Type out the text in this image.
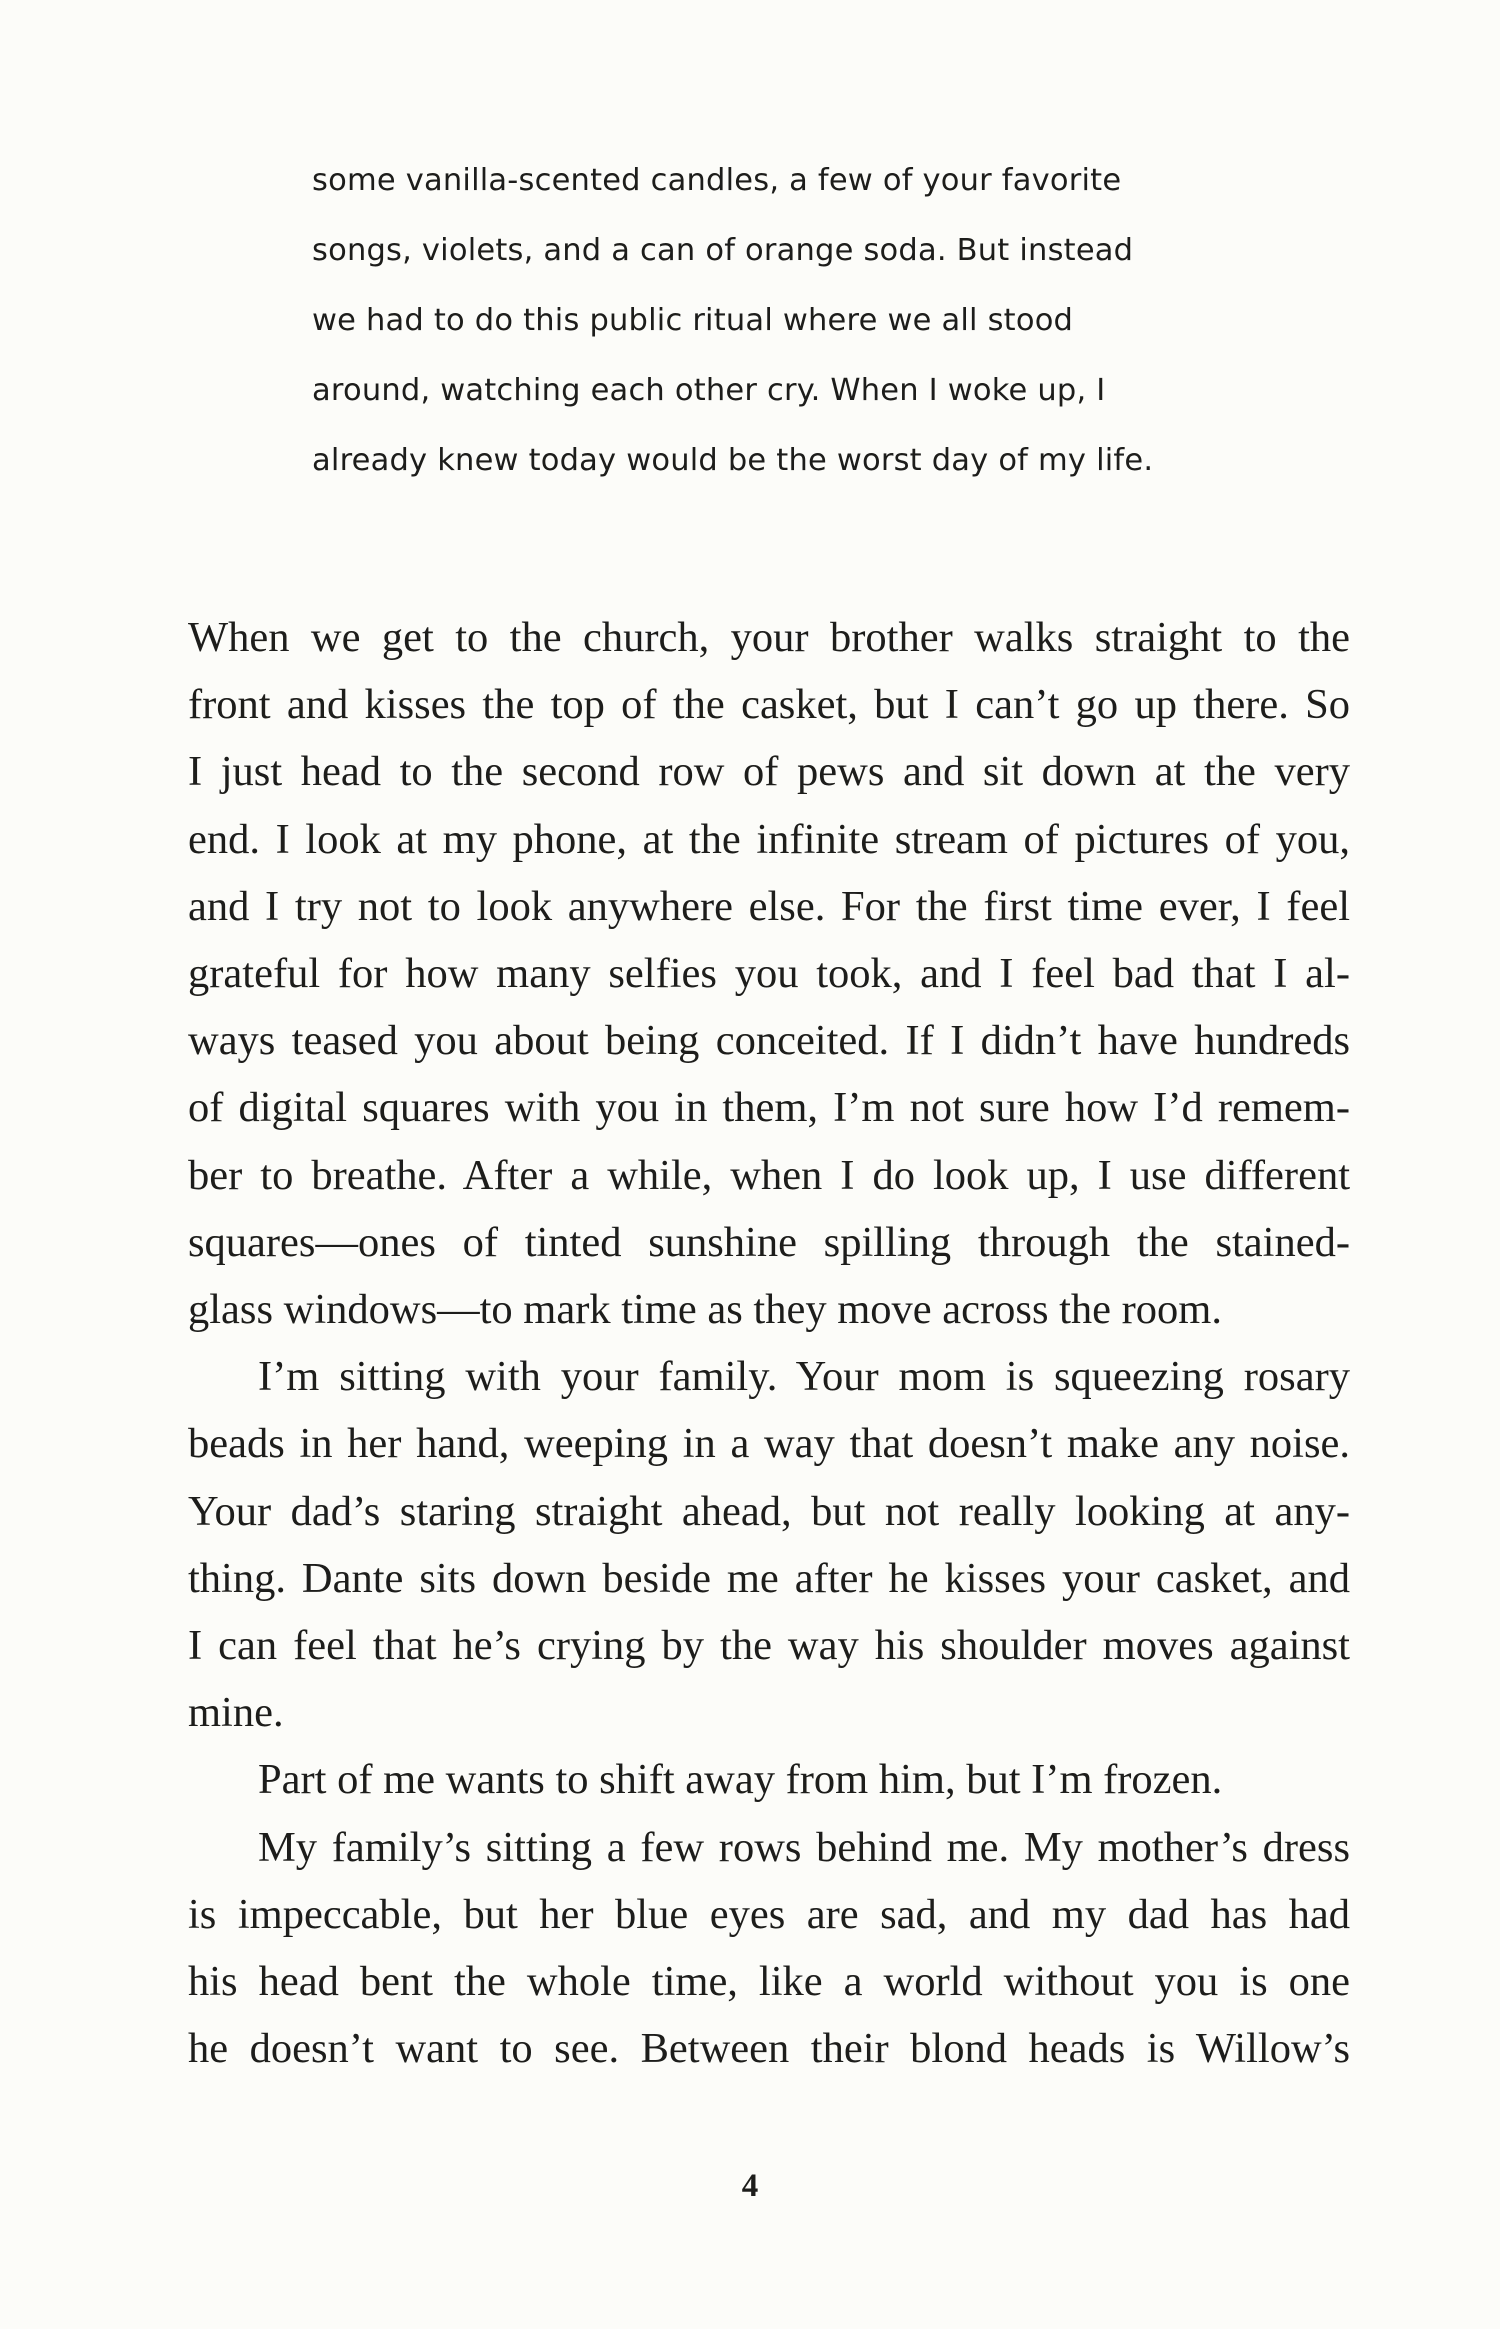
some vanilla-scented candles, a few of your favorite
songs, violets, and a can of orange soda. But instead
we had to do this public ritual where we all stood
around, watching each other cry. When I woke up, I
already knew today would be the worst day of my life.
When we get to the church, your brother walks straight to the
front and kisses the top of the casket, but I can’t go up there. So
I just head to the second row of pews and sit down at the very
end. I look at my phone, at the infinite stream of pictures of you,
and I try not to look anywhere else. For the first time ever, I feel
grateful for how many selfies you took, and I feel bad that I al-
ways teased you about being conceited. If I didn’t have hundreds
of digital squares with you in them, I’m not sure how I’d remem-
ber to breathe. After a while, when I do look up, I use different
squares—ones of tinted sunshine spilling through the stained-
glass windows—to mark time as they move across the room.
I’m sitting with your family. Your mom is squeezing rosary
beads in her hand, weeping in a way that doesn’t make any noise.
Your dad’s staring straight ahead, but not really looking at any-
thing. Dante sits down beside me after he kisses your casket, and
I can feel that he’s crying by the way his shoulder moves against
mine.
Part of me wants to shift away from him, but I’m frozen.
My family’s sitting a few rows behind me. My mother’s dress
is impeccable, but her blue eyes are sad, and my dad has had
his head bent the whole time, like a world without you is one
he doesn’t want to see. Between their blond heads is Willow’s
4
